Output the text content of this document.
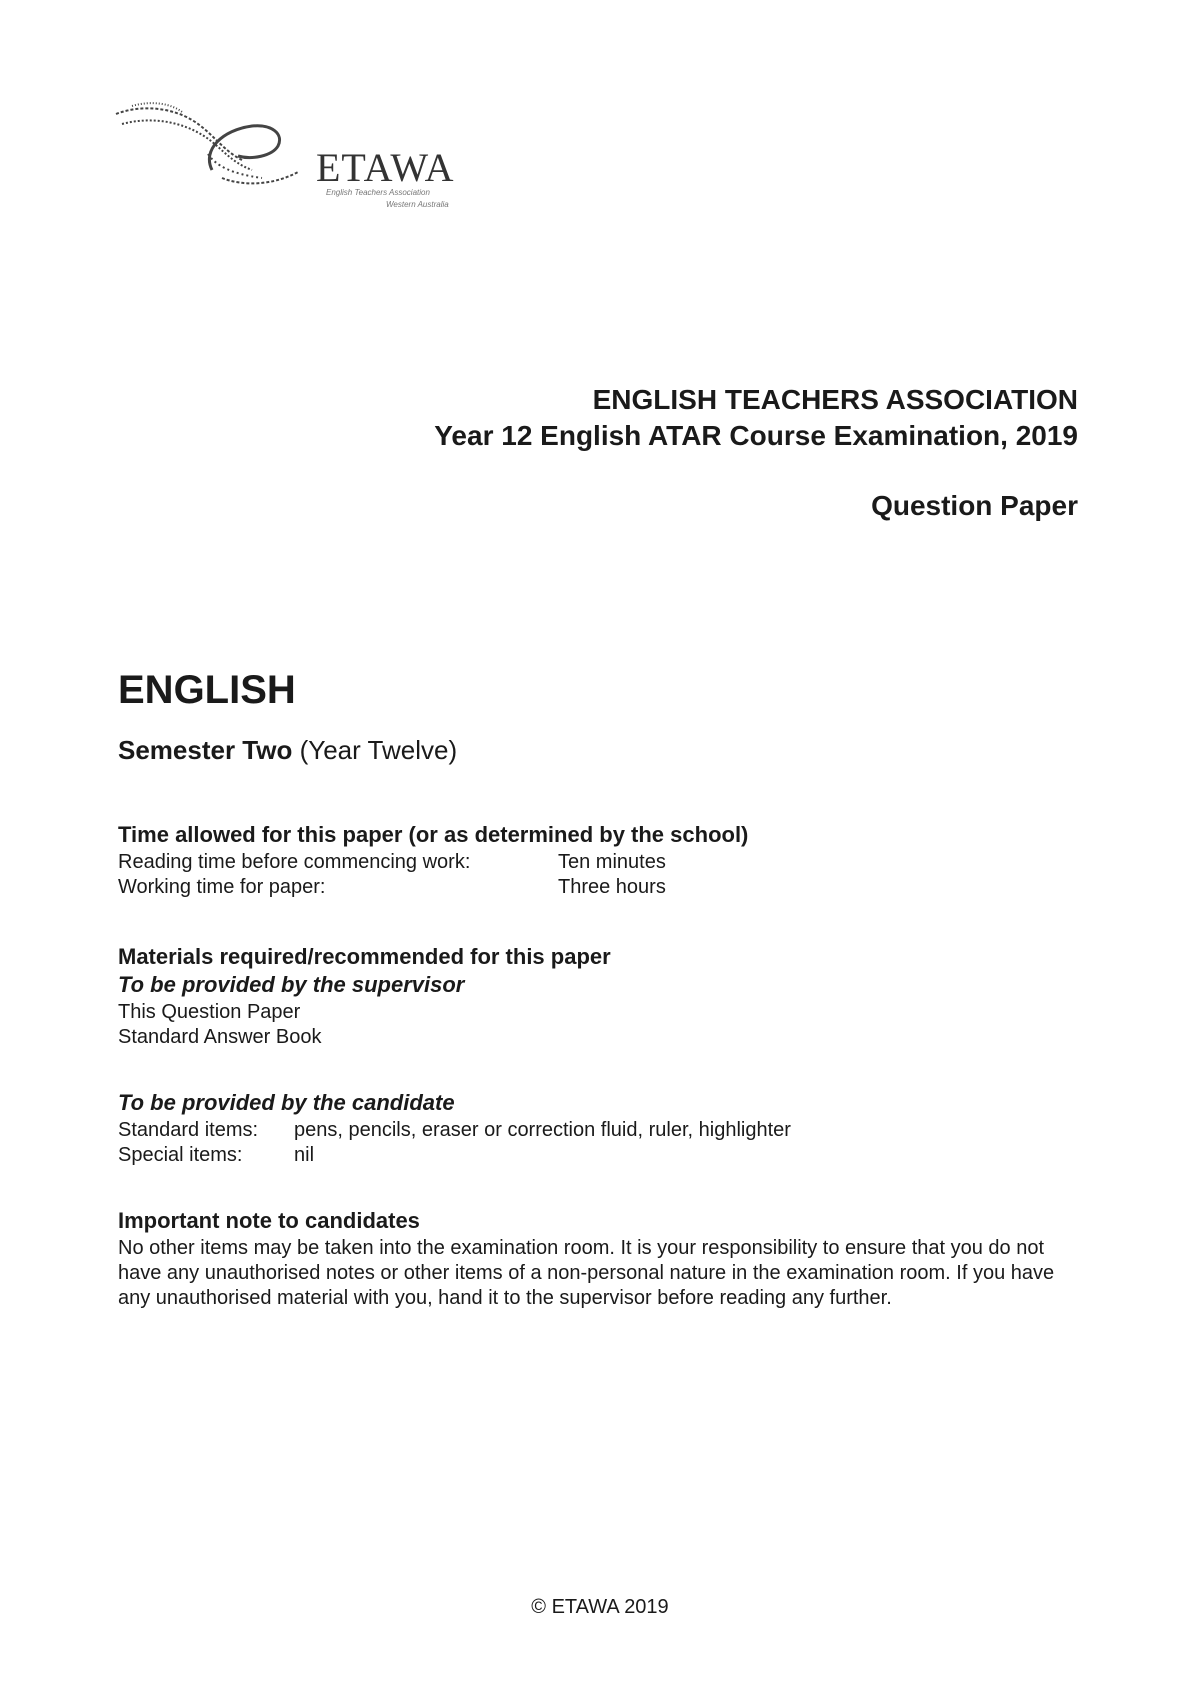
ETAWA
English Teachers Association
Western Australia

ENGLISH TEACHERS ASSOCIATION

Year 12 English ATAR Course Examination, 2019

Question Paper

ENGLISH

Semester Two (Year Twelve)

Time allowed for this paper (or as determined by the school)

Reading time before commencing work:	Ten minutes
Working time for paper:	Three hours

Materials required/recommended for this paper

To be provided by the supervisor

This Question Paper
Standard Answer Book

To be provided by the candidate

Standard items:	pens, pencils, eraser or correction fluid, ruler, highlighter
Special items:	nil

Important note to candidates

No other items may be taken into the examination room. It is your responsibility to ensure that you do not have any unauthorised notes or other items of a non-personal nature in the examination room. If you have any unauthorised material with you, hand it to the supervisor before reading any further.

© ETAWA 2019
